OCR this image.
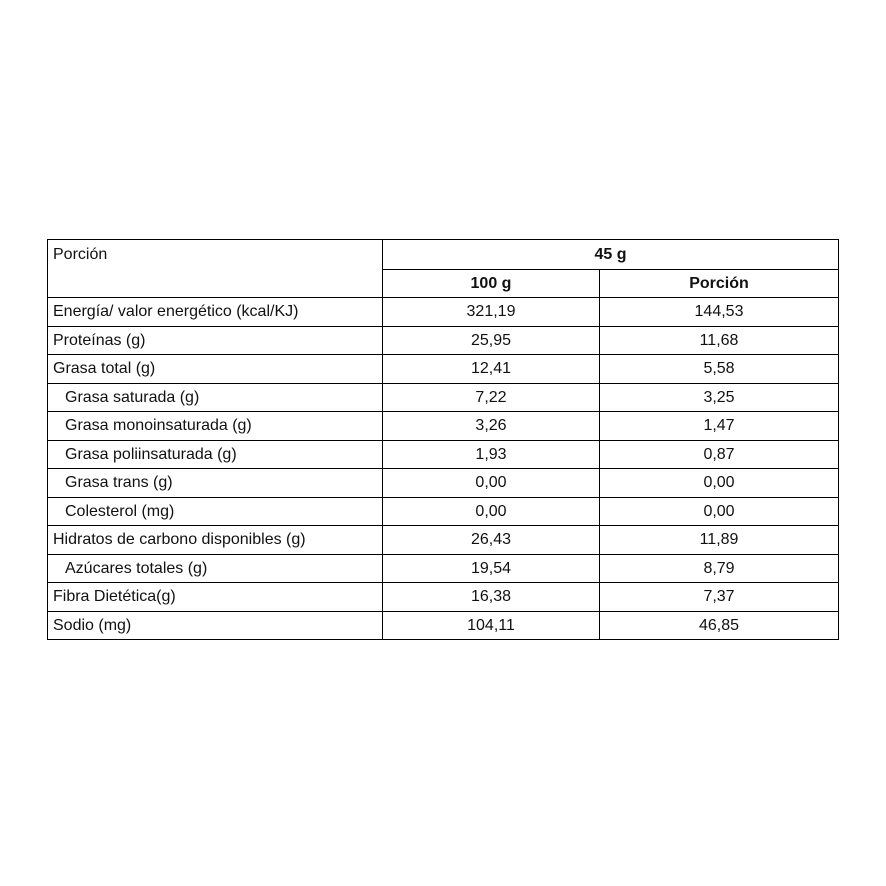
Porción	45 g	
	100 g	Porción
Energía/ valor energético (kcal/KJ)	321,19	144,53
Proteínas (g)	25,95	11,68
Grasa total (g)	12,41	5,58
Grasa saturada (g)	7,22	3,25
Grasa monoinsaturada (g)	3,26	1,47
Grasa poliinsaturada (g)	1,93	0,87
Grasa trans (g)	0,00	0,00
Colesterol (mg)	0,00	0,00
Hidratos de carbono disponibles (g)	26,43	11,89
Azúcares totales (g)	19,54	8,79
Fibra Dietética(g)	16,38	7,37
Sodio (mg)	104,11	46,85
